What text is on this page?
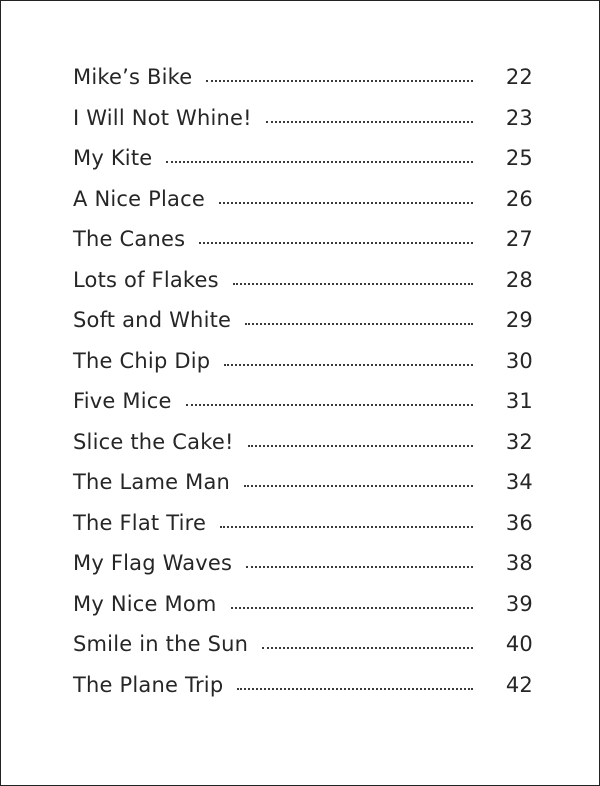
Mike’s Bike	22
I Will Not Whine!	23
My Kite	25
A Nice Place	26
The Canes	27
Lots of Flakes	28
Soft and White	29
The Chip Dip	30
Five Mice	31
Slice the Cake!	32
The Lame Man	34
The Flat Tire	36
My Flag Waves	38
My Nice Mom	39
Smile in the Sun	40
The Plane Trip	42
